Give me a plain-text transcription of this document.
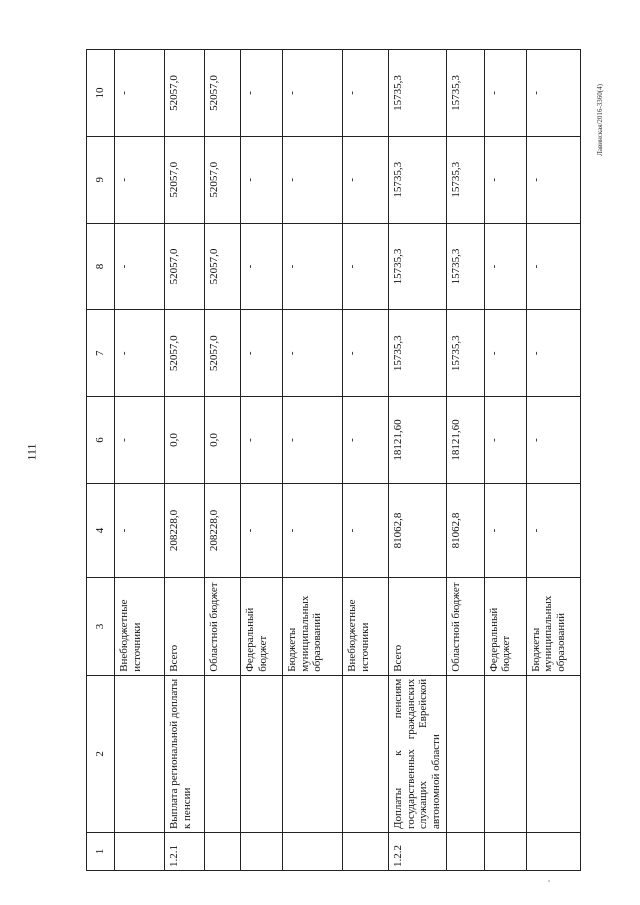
111
Лавинская/2016-3360(4)
1	2	3	4	6	7	8	9	10
		Внебюджетные источники	-	-	-	-	-	-
1.2.1	Выплата региональной доплаты к пенсии	Всего	208228,0	0,0	52057,0	52057,0	52057,0	52057,0
		Областной бюджет	208228,0	0,0	52057,0	52057,0	52057,0	52057,0
		Федеральный бюджет	-	-	-	-	-	-
		Бюджеты муниципальных образований	-	-	-	-	-	-
		Внебюджетные источники	-	-	-	-	-	-
1.2.2	Доплаты к пенсиям государственных гражданских служащих Еврейской автономной области	Всего	81062,8	18121,60	15735,3	15735,3	15735,3	15735,3
		Областной бюджет	81062,8	18121,60	15735,3	15735,3	15735,3	15735,3
		Федеральный бюджет	-	-	-	-	-	-
		Бюджеты муниципальных образований	-	-	-	-	-	-
